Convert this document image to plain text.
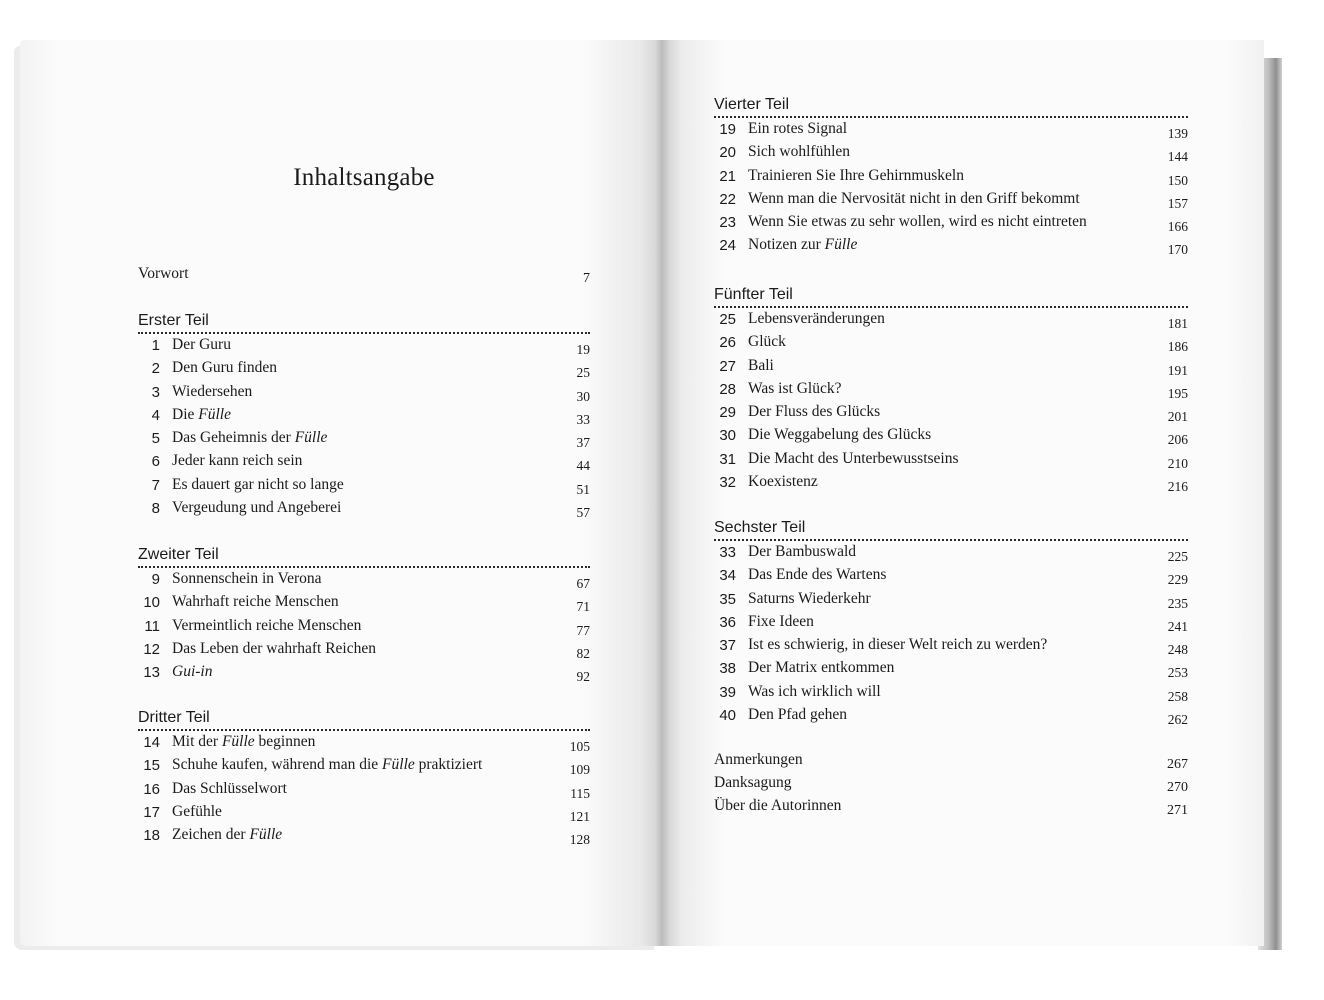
Inhaltsangabe
Vorwort	7
Erster Teil
1 Der Guru	19
2 Den Guru finden	25
3 Wiedersehen	30
4 Die Fülle	33
5 Das Geheimnis der Fülle	37
6 Jeder kann reich sein	44
7 Es dauert gar nicht so lange	51
8 Vergeudung und Angeberei	57
Zweiter Teil
9 Sonnenschein in Verona	67
10 Wahrhaft reiche Menschen	71
11 Vermeintlich reiche Menschen	77
12 Das Leben der wahrhaft Reichen	82
13 Gui-in	92
Dritter Teil
14 Mit der Fülle beginnen	105
15 Schuhe kaufen, während man die Fülle praktiziert	109
16 Das Schlüsselwort	115
17 Gefühle	121
18 Zeichen der Fülle	128
Vierter Teil
19 Ein rotes Signal	139
20 Sich wohlfühlen	144
21 Trainieren Sie Ihre Gehirnmuskeln	150
22 Wenn man die Nervosität nicht in den Griff bekommt	157
23 Wenn Sie etwas zu sehr wollen, wird es nicht eintreten	166
24 Notizen zur Fülle	170
Fünfter Teil
25 Lebensveränderungen	181
26 Glück	186
27 Bali	191
28 Was ist Glück?	195
29 Der Fluss des Glücks	201
30 Die Weggabelung des Glücks	206
31 Die Macht des Unterbewusstseins	210
32 Koexistenz	216
Sechster Teil
33 Der Bambuswald	225
34 Das Ende des Wartens	229
35 Saturns Wiederkehr	235
36 Fixe Ideen	241
37 Ist es schwierig, in dieser Welt reich zu werden?	248
38 Der Matrix entkommen	253
39 Was ich wirklich will	258
40 Den Pfad gehen	262
Anmerkungen	267
Danksagung	270
Über die Autorinnen	271
